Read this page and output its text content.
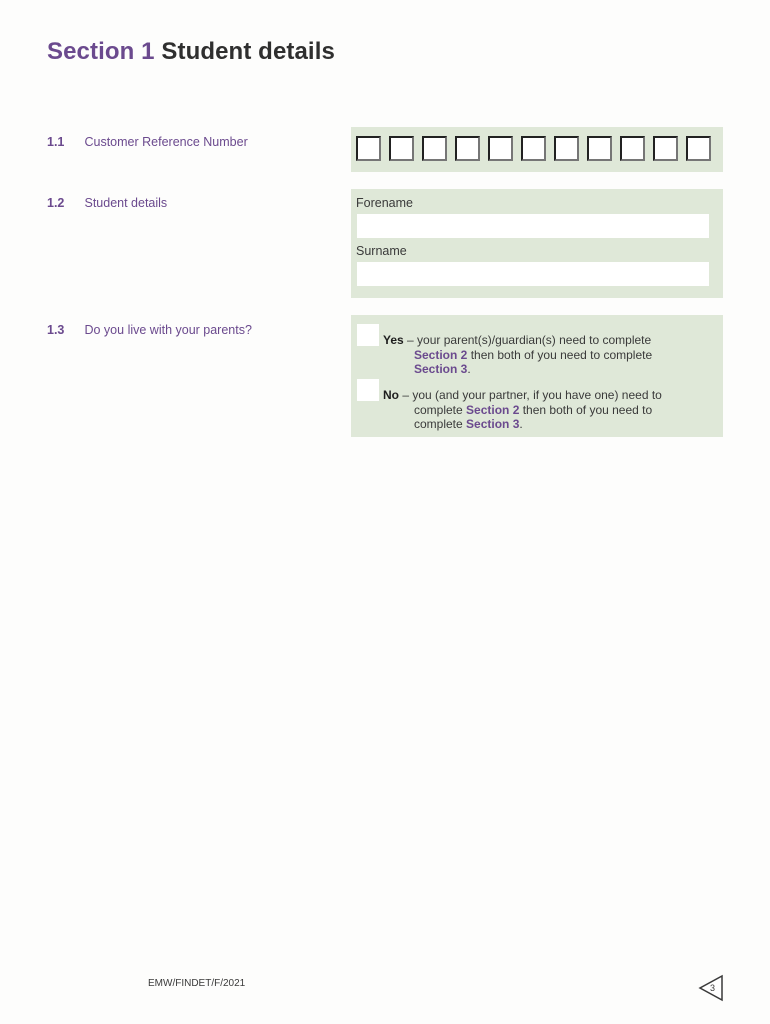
Section 1 Student details
1.1 Customer Reference Number
1.2 Student details	Forename
Surname
1.3 Do you live with your parents?
Yes – your parent(s)/guardian(s) need to complete
Section 2 then both of you need to complete
Section 3.
No – you (and your partner, if you have one) need to
complete Section 2 then both of you need to
complete Section 3.
EMW/FINDET/F/2021	3
